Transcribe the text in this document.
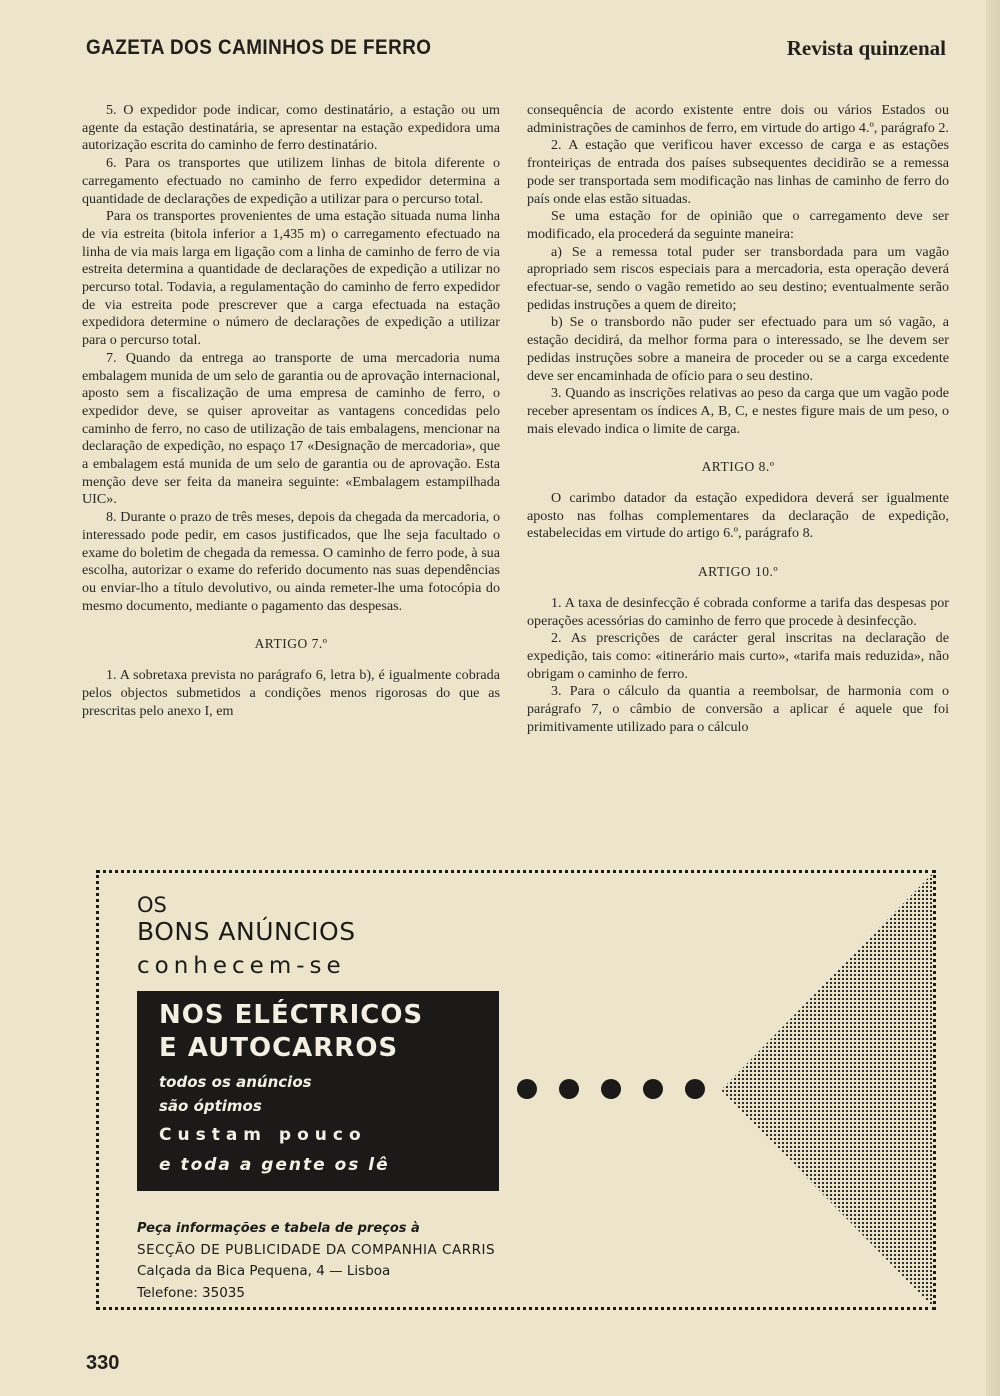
GAZETA DOS CAMINHOS DE FERRO	Revista quinzenal

5. O expedidor pode indicar, como destinatário, a estação ou um agente da estação destinatária, se apresentar na estação expedidora uma autorização escrita do caminho de ferro destinatário.

6. Para os transportes que utilizem linhas de bitola diferente o carregamento efectuado no caminho de ferro expedidor determina a quantidade de declarações de expedição a utilizar para o percurso total.

Para os transportes provenientes de uma estação situada numa linha de via estreita (bitola inferior a 1,435 m) o carregamento efectuado na linha de via mais larga em ligação com a linha de caminho de ferro de via estreita determina a quantidade de declarações de expedição a utilizar no percurso total. Todavia, a regulamentação do caminho de ferro expedidor de via estreita pode prescrever que a carga efectuada na estação expedidora determine o número de declarações de expedição a utilizar para o percurso total.

7. Quando da entrega ao transporte de uma mercadoria numa embalagem munida de um selo de garantia ou de aprovação internacional, aposto sem a fiscalização de uma empresa de caminho de ferro, o expedidor deve, se quiser aproveitar as vantagens concedidas pelo caminho de ferro, no caso de utilização de tais embalagens, mencionar na declaração de expedição, no espaço 17 «Designação de mercadoria», que a embalagem está munida de um selo de garantia ou de aprovação. Esta menção deve ser feita da maneira seguinte: «Embalagem estampilhada UIC».

8. Durante o prazo de três meses, depois da chegada da mercadoria, o interessado pode pedir, em casos justificados, que lhe seja facultado o exame do boletim de chegada da remessa. O caminho de ferro pode, à sua escolha, autorizar o exame do referido documento nas suas dependências ou enviar-lho a título devolutivo, ou ainda remeter-lhe uma fotocópia do mesmo documento, mediante o pagamento das despesas.

ARTIGO 7.º

1. A sobretaxa prevista no parágrafo 6, letra b), é igualmente cobrada pelos objectos submetidos a condições menos rigorosas do que as prescritas pelo anexo I, em

consequência de acordo existente entre dois ou vários Estados ou administrações de caminhos de ferro, em virtude do artigo 4.º, parágrafo 2.

2. A estação que verificou haver excesso de carga e as estações fronteiriças de entrada dos países subsequentes decidirão se a remessa pode ser transportada sem modificação nas linhas de caminho de ferro do país onde elas estão situadas.

Se uma estação for de opinião que o carregamento deve ser modificado, ela procederá da seguinte maneira:

a) Se a remessa total puder ser transbordada para um vagão apropriado sem riscos especiais para a mercadoria, esta operação deverá efectuar-se, sendo o vagão remetido ao seu destino; eventualmente serão pedidas instruções a quem de direito;

b) Se o transbordo não puder ser efectuado para um só vagão, a estação decidirá, da melhor forma para o interessado, se lhe devem ser pedidas instruções sobre a maneira de proceder ou se a carga excedente deve ser encaminhada de ofício para o seu destino.

3. Quando as inscrições relativas ao peso da carga que um vagão pode receber apresentam os índices A, B, C, e nestes figure mais de um peso, o mais elevado indica o limite de carga.

ARTIGO 8.º

O carimbo datador da estação expedidora deverá ser igualmente aposto nas folhas complementares da declaração de expedição, estabelecidas em virtude do artigo 6.º, parágrafo 8.

ARTIGO 10.º

1. A taxa de desinfecção é cobrada conforme a tarifa das despesas por operações acessórias do caminho de ferro que procede à desinfecção.

2. As prescrições de carácter geral inscritas na declaração de expedição, tais como: «itinerário mais curto», «tarifa mais reduzida», não obrigam o caminho de ferro.

3. Para o cálculo da quantia a reembolsar, de harmonia com o parágrafo 7, o câmbio de conversão a aplicar é aquele que foi primitivamente utilizado para o cálculo

OS
BONS ANÚNCIOS
conhecem-se
NOS ELÉCTRICOS
E AUTOCARROS
todos os anúncios
são óptimos
Custam pouco
e toda a gente os lê
Peça informações e tabela de preços à
SECÇÃO DE PUBLICIDADE DA COMPANHIA CARRIS
Calçada da Bica Pequena, 4 — Lisboa
Telefone: 35035
330
